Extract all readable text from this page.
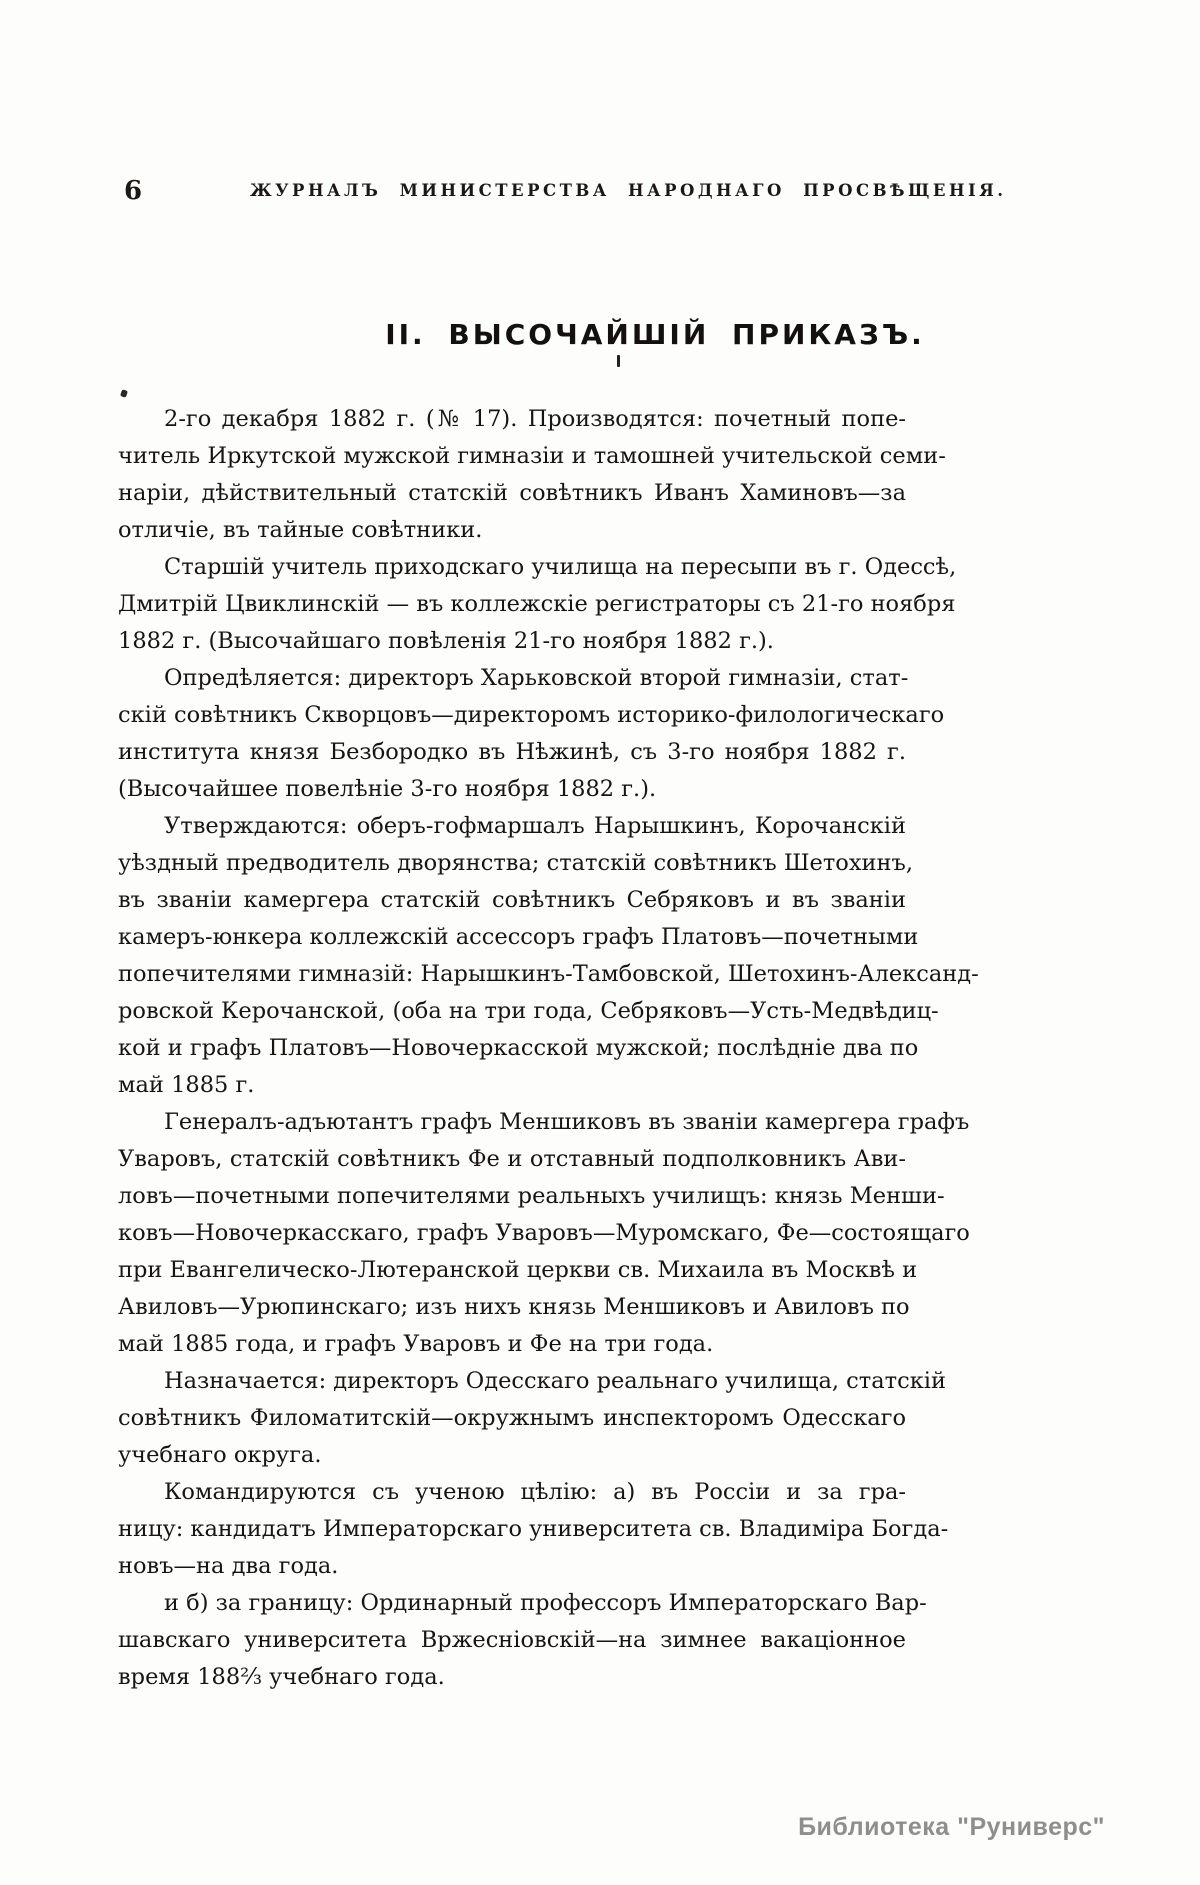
6	ЖУРНАЛЪ МИНИСТЕРСТВА НАРОДНАГО ПРОСВѢЩЕНІЯ.
II. ВЫСОЧАЙШІЙ ПРИКАЗЪ.
2-го декабря 1882 г. (№ 17). Производятся: почетный попе-
читель Иркутской мужской гимназіи и тамошней учительской семи-
наріи, дѣйствительный статскій совѣтникъ Иванъ Хаминовъ—за
отличіе, въ тайные совѣтники.
Старшій учитель приходскаго училища на пересыпи въ г. Одессѣ,
Дмитрій Цвиклинскій — въ коллежскіе регистраторы съ 21-го ноября
1882 г. (Высочайшаго повѣленія 21-го ноября 1882 г.).
Опредѣляется: директоръ Харьковской второй гимназіи, стат-
скій совѣтникъ Скворцовъ—директоромъ историко-филологическаго
института князя Безбородко въ Нѣжинѣ, съ 3-го ноября 1882 г.
(Высочайшее повелѣніе 3-го ноября 1882 г.).
Утверждаются: оберъ-гофмаршалъ Нарышкинъ, Корочанскій
уѣздный предводитель дворянства; статскій совѣтникъ Шетохинъ,
въ званіи камергера статскій совѣтникъ Себряковъ и въ званіи
камеръ-юнкера коллежскій ассессоръ графъ Платовъ—почетными
попечителями гимназій: Нарышкинъ-Тамбовской, Шетохинъ-Александ-
ровской Керочанской, (оба на три года, Себряковъ—Усть-Медвѣдиц-
кой и графъ Платовъ—Новочеркасской мужской; послѣдніе два по
май 1885 г.
Генералъ-адъютантъ графъ Меншиковъ въ званіи камергера графъ
Уваровъ, статскій совѣтникъ Фе и отставный подполковникъ Ави-
ловъ—почетными попечителями реальныхъ училищъ: князь Менши-
ковъ—Новочеркасскаго, графъ Уваровъ—Муромскаго, Фе—состоящаго
при Евангелическо-Лютеранской церкви св. Михаила въ Москвѣ и
Авиловъ—Урюпинскаго; изъ нихъ князь Меншиковъ и Авиловъ по
май 1885 года, и графъ Уваровъ и Фе на три года.
Назначается: директоръ Одесскаго реальнаго училища, статскій
совѣтникъ Филоматитскій—окружнымъ инспекторомъ Одесскаго
учебнаго округа.
Командируются съ ученою цѣлію: а) въ Россіи и за гра-
ницу: кандидатъ Императорскаго университета св. Владиміра Богда-
новъ—на два года.
и б) за границу: Ординарный профессоръ Императорскаго Вар-
шавскаго университета Вржесніовскій—на зимнее вакаціонное
время 188²⁄₃ учебнаго года.
Библиотека "Руниверс"
